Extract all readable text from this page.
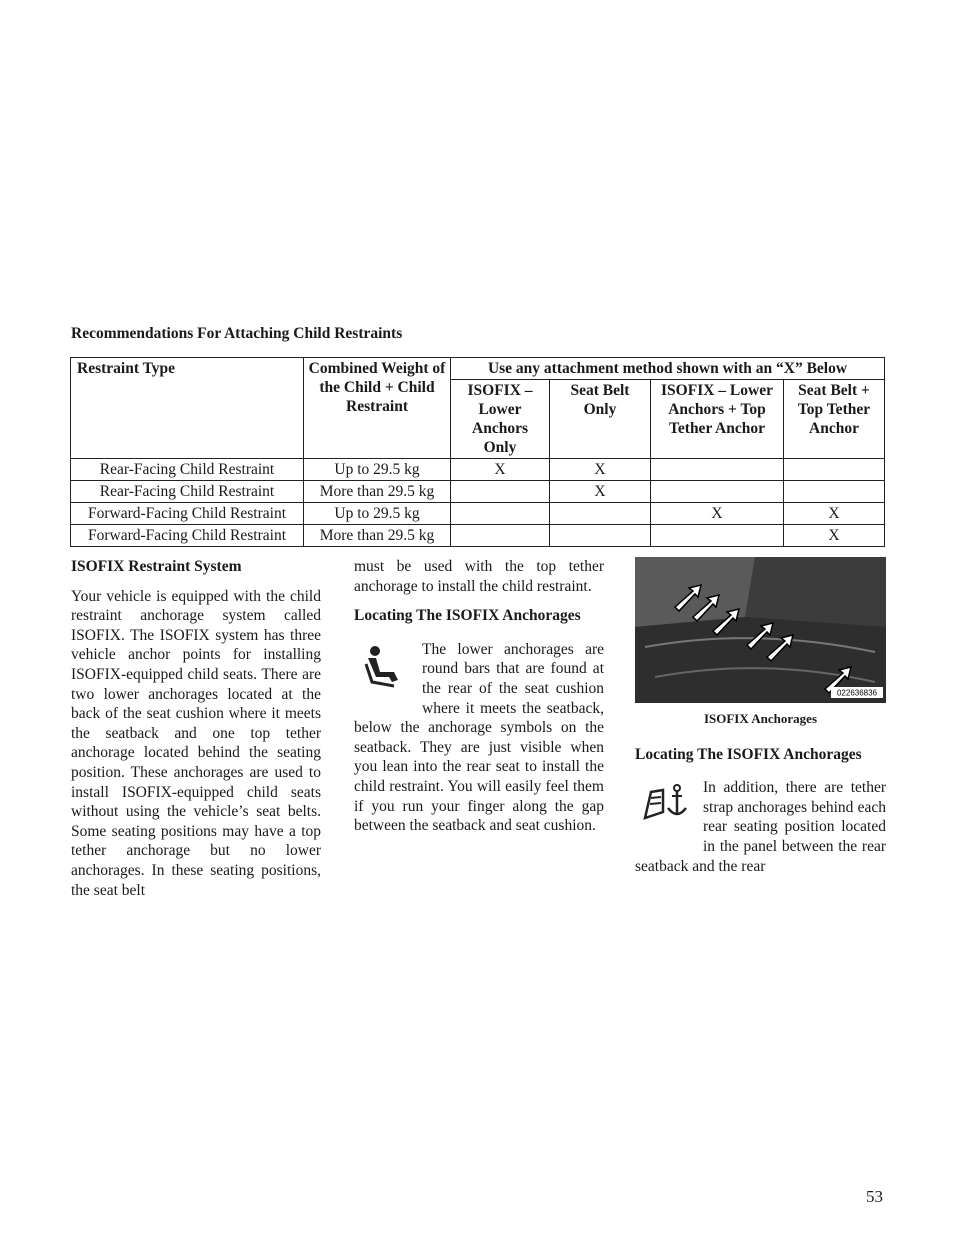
Recommendations For Attaching Child Restraints
Restraint Type	Combined Weight of the Child + Child Restraint	Use any attachment method shown with an “X” Below			
		ISOFIX – Lower Anchors Only	Seat Belt Only	ISOFIX – Lower Anchors + Top Tether Anchor	Seat Belt + Top Tether Anchor
Rear-Facing Child Restraint	Up to 29.5 kg	X	X		
Rear-Facing Child Restraint	More than 29.5 kg		X		
Forward-Facing Child Restraint	Up to 29.5 kg			X	X
Forward-Facing Child Restraint	More than 29.5 kg				X
ISOFIX Restraint System

Your vehicle is equipped with the child restraint anchorage system called ISOFIX. The ISOFIX system has three vehicle anchor points for installing ISOFIX-equipped child seats. There are two lower anchorages located at the back of the seat cushion where it meets the seatback and one top tether anchorage located behind the seating position. These anchorages are used to install ISOFIX-equipped child seats without using the vehicle’s seat belts. Some seating positions may have a top tether anchorage but no lower anchorages. In these seating positions, the seat belt

must be used with the top tether anchorage to install the child restraint.

Locating The ISOFIX Anchorages

The lower anchorages are round bars that are found at the rear of the seat cushion where it meets the seatback, below the anchorage symbols on the seatback. They are just visible when you lean into the rear seat to install the child restraint. You will easily feel them if you run your finger along the gap between the seatback and seat cushion.

022636836
ISOFIX Anchorages
Locating The ISOFIX Anchorages

In addition, there are tether strap anchorages behind each rear seating position located in the panel between the rear seatback and the rear

53
